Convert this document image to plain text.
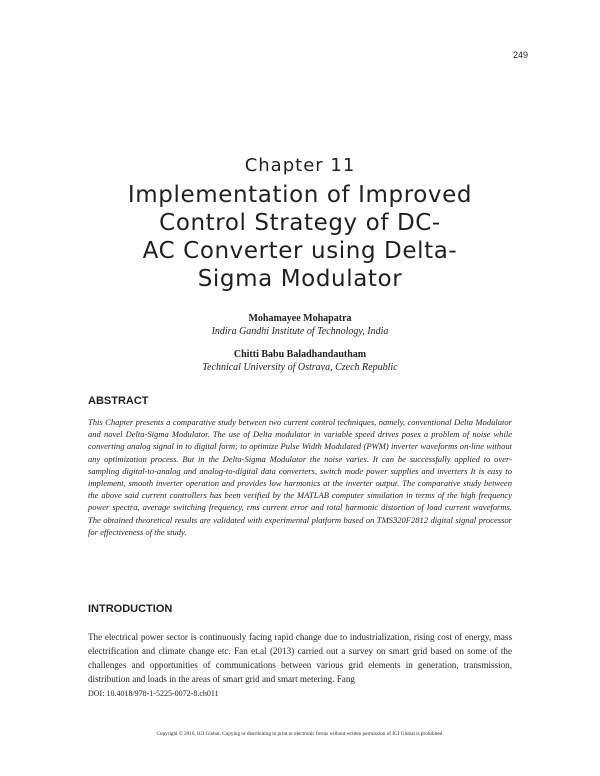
249
Chapter 11
Implementation of Improved
Control Strategy of DC-
AC Converter using Delta-
Sigma Modulator
Mohamayee Mohapatra
Indira Gandhi Institute of Technology, India
Chitti Babu Baladhandautham
Technical University of Ostrava, Czech Republic
ABSTRACT

This Chapter presents a comparative study between two current control techniques, namely, conventional Delta Modulator and novel Delta-Sigma Modulator. The use of Delta modulator in variable speed drives poses a problem of noise while converting analog signal in to digital form; to optimize Pulse Width Modulated (PWM) inverter waveforms on-line without any optimization process. But in the Delta-Sigma Modulator the noise varies. It can be successfully applied to over-sampling digital-to-analog and analog-to-digital data converters, switch mode power supplies and inverters It is easy to implement, smooth inverter operation and provides low harmonics at the inverter output. The comparative study between the above said current controllers has been verified by the MATLAB computer simulation in terms of the high frequency power spectra, average switching frequency, rms current error and total harmonic distortion of load current waveforms. The obtained theoretical results are validated with experimental platform based on TMS320F2812 digital signal processor for effectiveness of the study.

INTRODUCTION

The electrical power sector is continuously facing rapid change due to industrialization, rising cost of energy, mass electrification and climate change etc. Fan et.al (2013) carried out a survey on smart grid based on some of the challenges and opportunities of communications between various grid elements in generation, transmission, distribution and loads in the areas of smart grid and smart metering. Fang

DOI: 10.4018/978-1-5225-0072-8.ch011
Copyright © 2016, IGI Global. Copying or distributing in print or electronic forms without written permission of IGI Global is prohibited.
